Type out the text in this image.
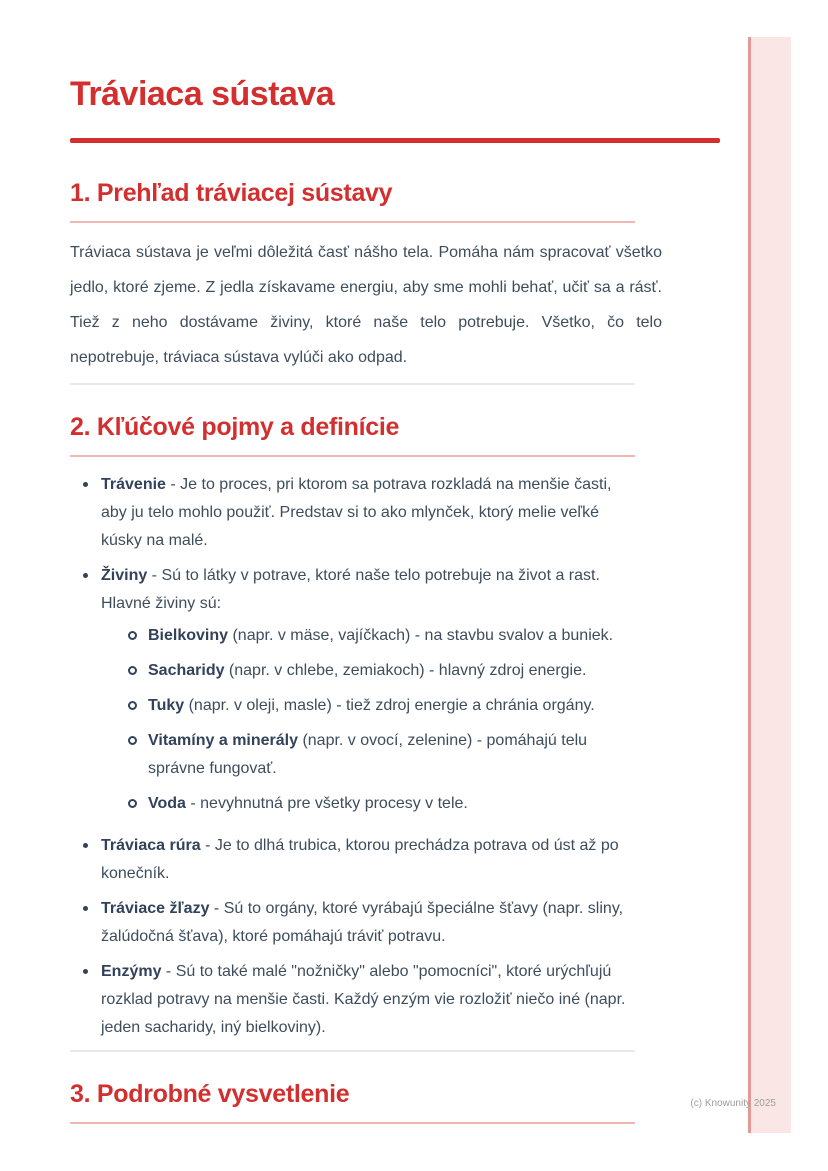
Tráviaca sústava
1. Prehľad tráviacej sústavy

Tráviaca sústava je veľmi dôležitá časť nášho tela. Pomáha nám spracovať všetko jedlo, ktoré zjeme. Z jedla získavame energiu, aby sme mohli behať, učiť sa a rásť. Tiež z neho dostávame živiny, ktoré naše telo potrebuje. Všetko, čo telo nepotrebuje, tráviaca sústava vylúči ako odpad.

2. Kľúčové pojmy a definície
Trávenie - Je to proces, pri ktorom sa potrava rozkladá na menšie časti, aby ju telo mohlo použiť. Predstav si to ako mlynček, ktorý melie veľké kúsky na malé.
Živiny - Sú to látky v potrave, ktoré naše telo potrebuje na život a rast. Hlavné živiny sú:
Bielkoviny (napr. v mäse, vajíčkach) - na stavbu svalov a buniek.
Sacharidy (napr. v chlebe, zemiakoch) - hlavný zdroj energie.
Tuky (napr. v oleji, masle) - tiež zdroj energie a chránia orgány.
Vitamíny a minerály (napr. v ovocí, zelenine) - pomáhajú telu správne fungovať.
Voda - nevyhnutná pre všetky procesy v tele.
Tráviaca rúra - Je to dlhá trubica, ktorou prechádza potrava od úst až po konečník.
Tráviace žľazy - Sú to orgány, ktoré vyrábajú špeciálne šťavy (napr. sliny, žalúdočná šťava), ktoré pomáhajú tráviť potravu.
Enzýmy - Sú to také malé "nožničky" alebo "pomocníci", ktoré urýchľujú rozklad potravy na menšie časti. Každý enzým vie rozložiť niečo iné (napr. jeden sacharidy, iný bielkoviny).
3. Podrobné vysvetlenie	(c) Knowunity 2025
